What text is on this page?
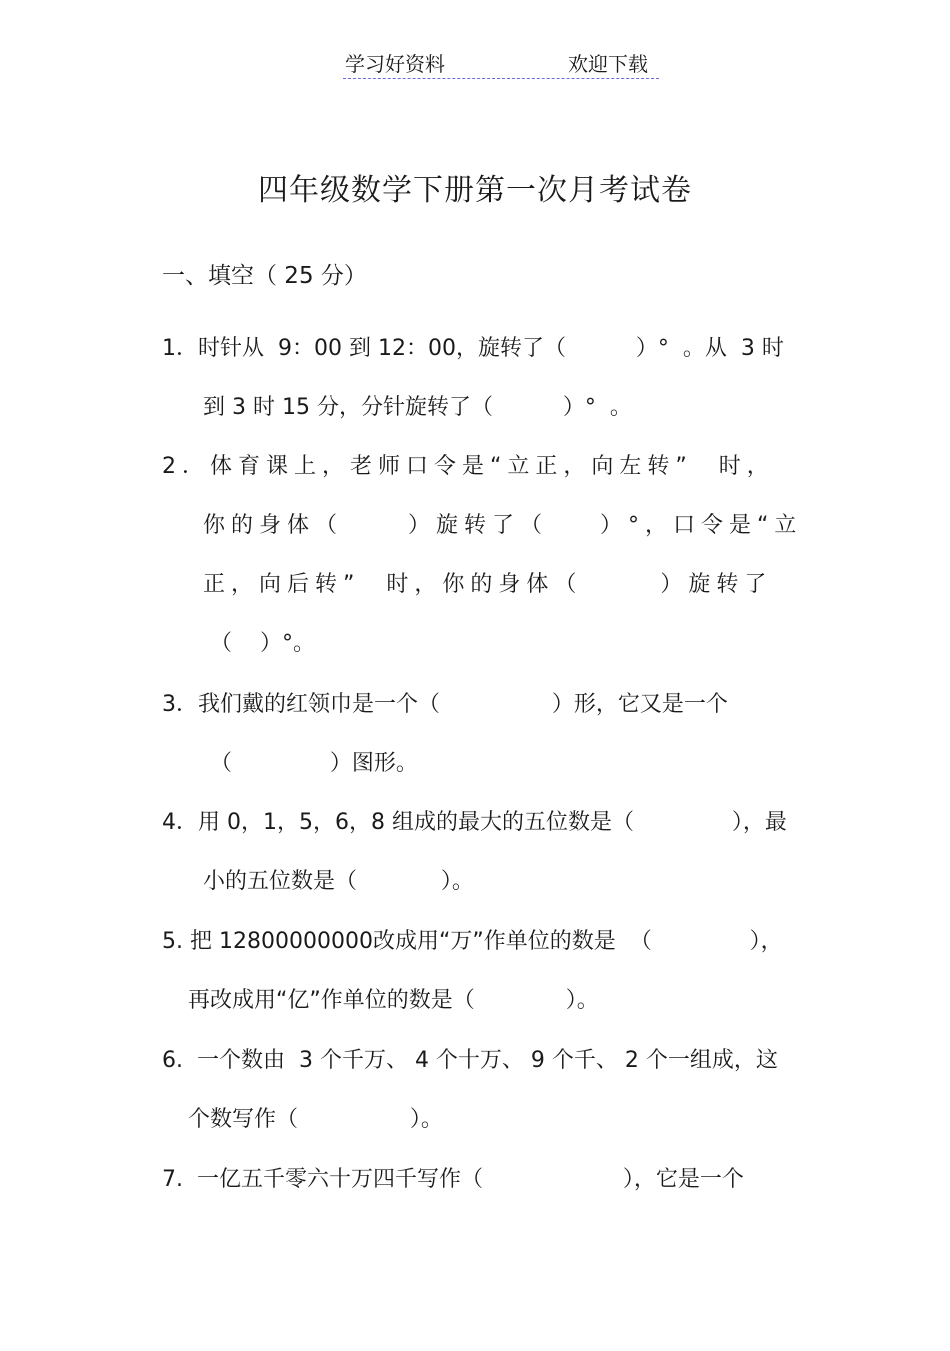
学习好资料	欢迎下载
四年级数学下册第一次月考试卷
一、填空（ 25 分）
1．时针从  9：00 到 12：00，旋转了（          ）°  。从  3 时
到 3 时 15 分，分针旋转了（          ）°  。
2．体育课上，老师口令是“立正，向左转”  时，
你的身体（     ）旋转了（    ）°，口令是“立
正，向后转”  时，你的身体（      ）旋转了
（    ）°。
3．我们戴的红领巾是一个（                ）形，它又是一个
（              ）图形。
4．用 0，1，5，6，8 组成的最大的五位数是（              ），最
小的五位数是（            ）。
5. 把 12800000000改成用“万”作单位的数是  （              ），
再改成用“亿”作单位的数是（             ）。
6.  一个数由  3 个千万、 4 个十万、 9 个千、 2 个一组成，这
个数写作（                ）。
7.  一亿五千零六十万四千写作（                    ），它是一个
